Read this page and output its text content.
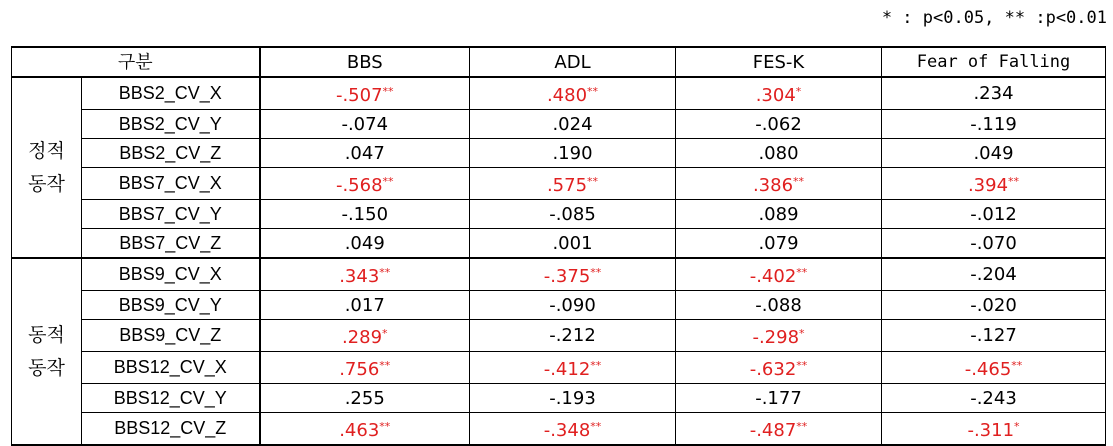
* : p<0.05, ** :p<0.01
구분		BBS	ADL	FES-K	Fear of Falling
정적
동작	BBS2_CV_X	-.507**	.480**	.304*	.234
	BBS2_CV_Y	-.074	.024	-.062	-.119
	BBS2_CV_Z	.047	.190	.080	.049
	BBS7_CV_X	-.568**	.575**	.386**	.394**
	BBS7_CV_Y	-.150	-.085	.089	-.012
	BBS7_CV_Z	.049	.001	.079	-.070
동적
동작	BBS9_CV_X	.343**	-.375**	-.402**	-.204
	BBS9_CV_Y	.017	-.090	-.088	-.020
	BBS9_CV_Z	.289*	-.212	-.298*	-.127
	BBS12_CV_X	.756**	-.412**	-.632**	-.465**
	BBS12_CV_Y	.255	-.193	-.177	-.243
	BBS12_CV_Z	.463**	-.348**	-.487**	-.311*
